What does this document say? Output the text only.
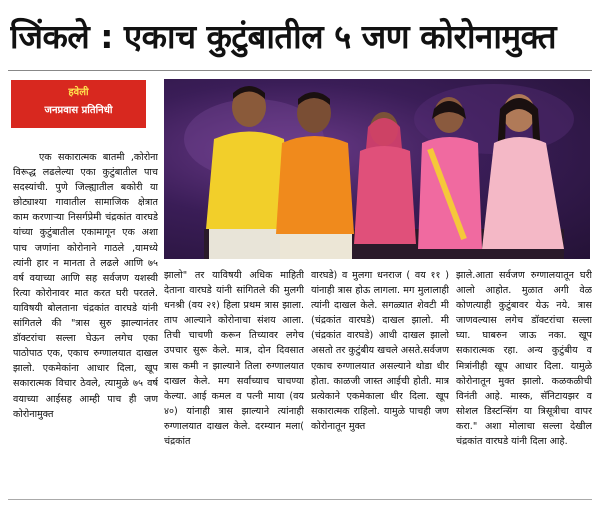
जिंकले : एकाच कुटुंबातील ५ जण कोरोनामुक्त
हवेली
जनप्रवास प्रतिनिधी

एक सकारात्मक बातमी ,कोरोना विरूद्ध लढलेल्या एका कुटुंबातील पाच सदस्यांची. पुणे जिल्ह्यातील बकोरी या छोट्याश्या गावातील सामाजिक क्षेत्रात काम करणाऱ्या निसर्गप्रेमी चंद्रकांत वारघडे यांच्या कुटुंबातील एकामागून एक अशा पाच जणांना कोरोनाने गाठले ,यामध्ये त्यांनी हार न मानता ते लढले आणि ७५ वर्ष वयाच्या आणि सह सर्वजण यशस्वी रित्या कोरोनावर मात करत घरी परतले. याविषयी बोलताना चंद्रकांत वारघडे यांनी सांगितले की "त्रास सुरु झाल्यानंतर डॉक्टरांचा सल्ला घेऊन लगेच एका पाठोपाठ एक, एकाच रुग्णालयात दाखल झालो. एकमेकांना आधार दिला, खूप सकारात्मक विचार ठेवले, त्यामुळे ७५ वर्ष वयाच्या आईसह आम्ही पाच ही जण कोरोनामुक्त

झालो" तर याविषयी अधिक माहिती देताना वारघडे यांनी सांगितले की मुलगी धनश्री (वय २१) हिला प्रथम त्रास झाला. ताप आल्याने कोरोनाचा संशय आला. तिची चाचणी करून तिच्यावर लगेच उपचार सुरू केले. मात्र, दोन दिवसात त्रास कमी न झाल्याने तिला रुग्णालयात दाखल केले. मग सर्वांच्याच चाचण्या केल्या. आई कमल व पत्नी माया (वय ४०) यांनाही त्रास झाल्याने त्यांनाही रुग्णालयात दाखल केले. दरम्यान मला( चंद्रकांत

वारघडे) व मुलगा धनराज ( वय ११ ) यांनाही त्रास होऊ लागला. मग मुलालाही त्यांनी दाखल केले. सगळ्यात शेवटी मी (चंद्रकांत वारघडे) दाखल झालो. मी (चंद्रकांत वारघडे) आधी दाखल झालो असतो तर कुटुंबीय खचले असते.सर्वजण एकाच रुग्णालयात असल्याने थोडा धीर होता. काळजी जास्त आईची होती. मात्र प्रत्येकाने एकमेकाला धीर दिला. खूप सकारात्मक राहिलो. यामुळे पाचही जण कोरोनातून मुक्त

झाले.आता सर्वजण रुग्णालयातून घरी आलो आहोत. मुळात अगी वेळ कोणत्याही कुटुंबावर येऊ नये. त्रास जाणवल्यास लगेच डॉक्टरांचा सल्ला घ्या. घाबरुन जाऊ नका. खूप सकारात्मक रहा. अन्य कुटुंबीय व मित्रांनीही खूप आधार दिला. यामुळे कोरोनातून मुक्त झालो. कळकळीची विनंती आहे. मास्क, सॅनिटायझर व सोशल डिस्टन्सिंग या त्रिसूत्रीचा वापर करा." अशा मोलाचा सल्ला देखील चंद्रकांत वारघडे यांनी दिला आहे.
